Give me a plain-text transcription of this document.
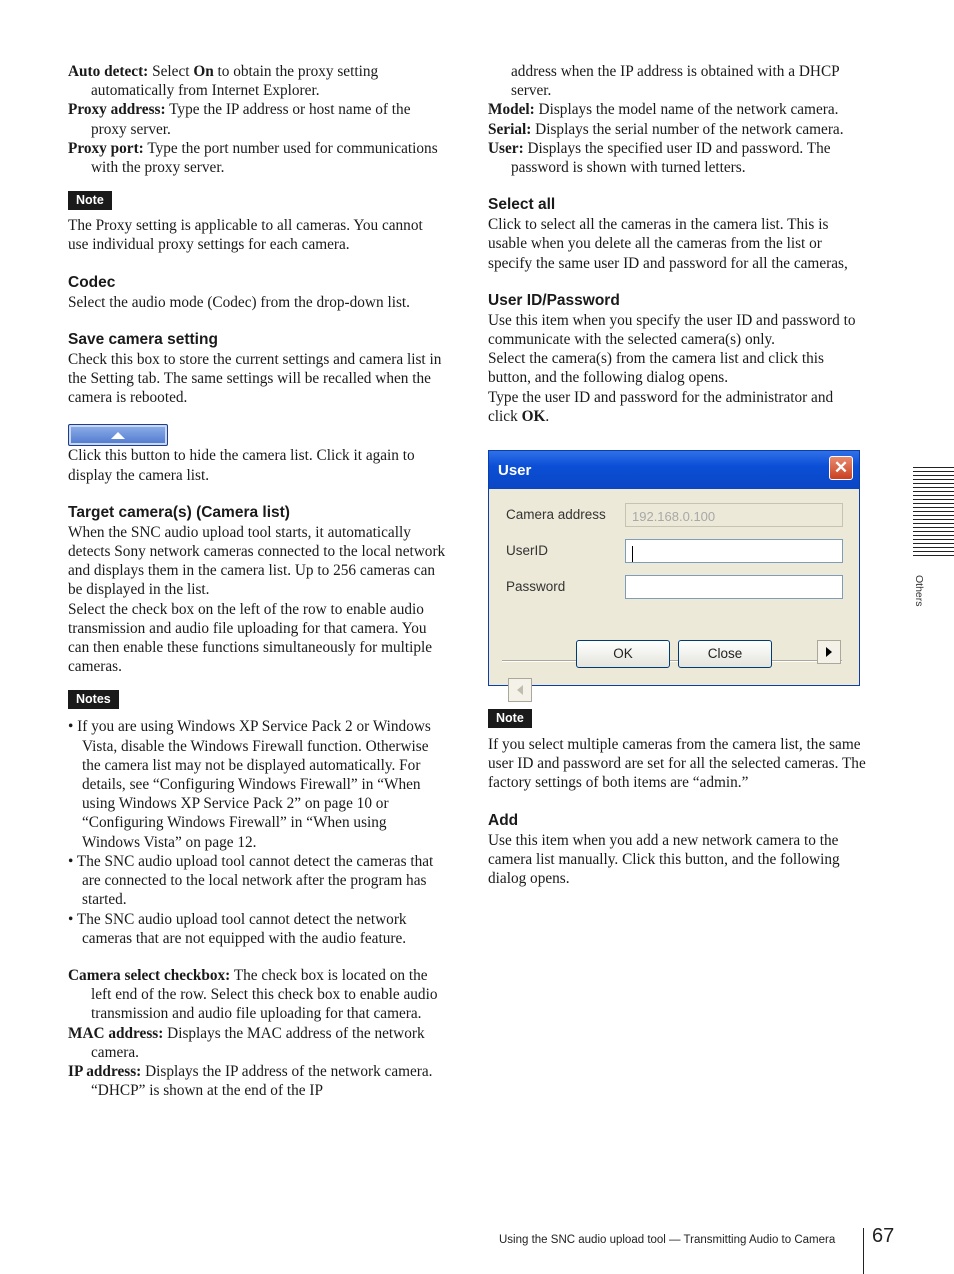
Auto detect: Select On to obtain the proxy setting automatically from Internet Explorer.

Proxy address: Type the IP address or host name of the proxy server.

Proxy port: Type the port number used for communications with the proxy server.

Note

The Proxy setting is applicable to all cameras. You cannot use individual proxy settings for each camera.

Codec

Select the audio mode (Codec) from the drop-down list.

Save camera setting

Check this box to store the current settings and camera list in the Setting tab. The same settings will be recalled when the camera is rebooted.

Click this button to hide the camera list. Click it again to display the camera list.

Target camera(s) (Camera list)

When the SNC audio upload tool starts, it automatically detects Sony network cameras connected to the local network and displays them in the camera list. Up to 256 cameras can be displayed in the list.

Select the check box on the left of the row to enable audio transmission and audio file uploading for that camera. You can then enable these functions simultaneously for multiple cameras.

Notes
• If you are using Windows XP Service Pack 2 or Windows Vista, disable the Windows Firewall function. Otherwise the camera list may not be displayed automatically. For details, see “Configuring Windows Firewall” in “When using Windows XP Service Pack 2” on page 10 or “Configuring Windows Firewall” in “When using Windows Vista” on page 12.
• The SNC audio upload tool cannot detect the cameras that are connected to the local network after the program has started.
• The SNC audio upload tool cannot detect the network cameras that are not equipped with the audio feature.

Camera select checkbox: The check box is located on the left end of the row. Select this check box to enable audio transmission and audio file uploading for that camera.

MAC address: Displays the MAC address of the network camera.

IP address: Displays the IP address of the network camera. “DHCP” is shown at the end of the IP

address when the IP address is obtained with a DHCP server.

Model: Displays the model name of the network camera.

Serial: Displays the serial number of the network camera.

User: Displays the specified user ID and password. The password is shown with turned letters.

Select all

Click to select all the cameras in the camera list. This is usable when you delete all the cameras from the list or specify the same user ID and password for all the cameras,

User ID/Password

Use this item when you specify the user ID and password to communicate with the selected camera(s) only.

Select the camera(s) from the camera list and click this button, and the following dialog opens.

Type the user ID and password for the administrator and click OK.

User	✕
Camera address	192.168.0.100
UserID
Password
OK	Close
Note

If you select multiple cameras from the camera list, the same user ID and password are set for all the selected cameras. The factory settings of both items are “admin.”

Add

Use this item when you add a new network camera to the camera list manually. Click this button, and the following dialog opens.

Others
Using the SNC audio upload tool — Transmitting Audio to Camera 67
